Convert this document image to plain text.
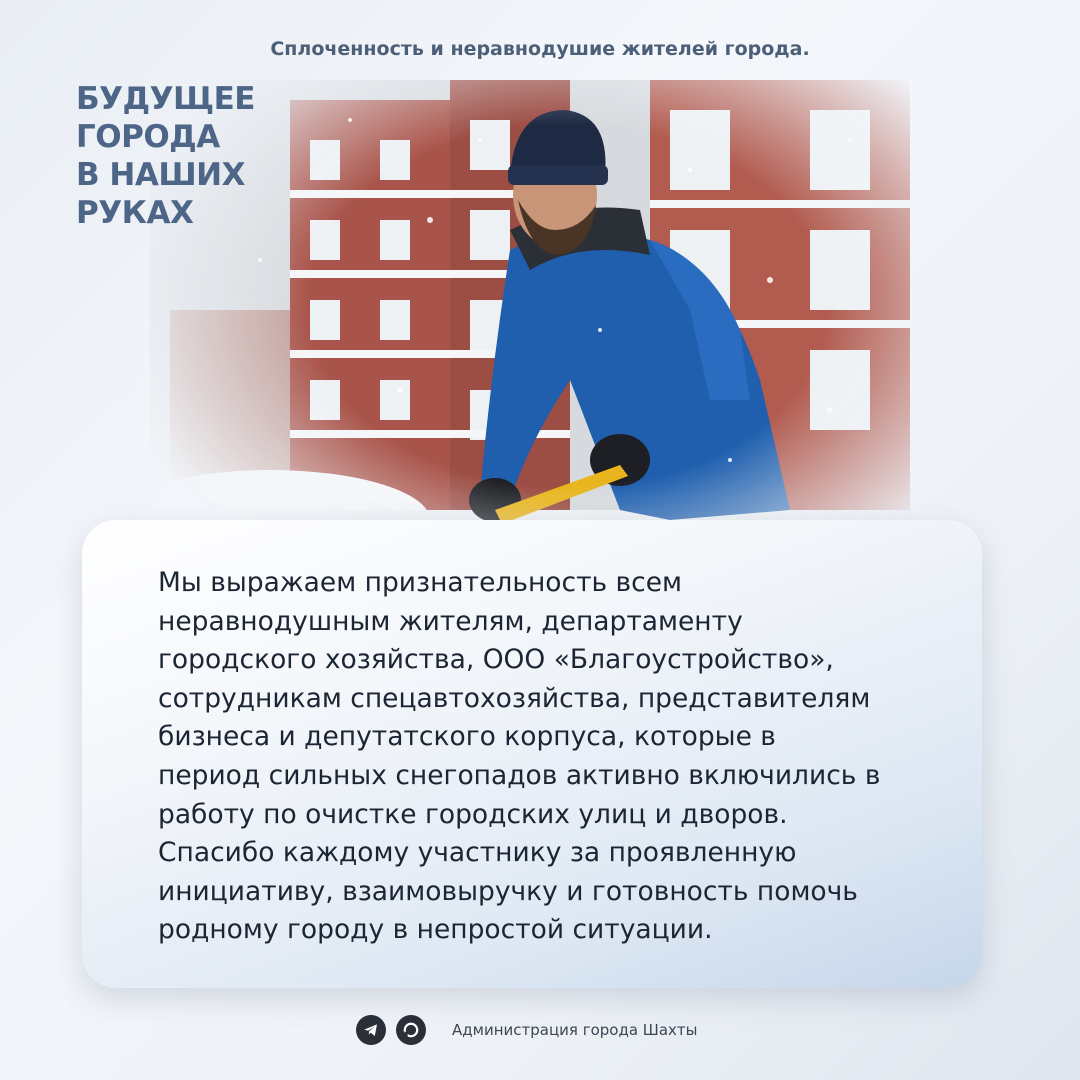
Сплоченность и неравнодушие жителей города.
БУДУЩЕЕ
ГОРОДА
В НАШИХ
РУКАХ
Мы выражаем признательность всем
неравнодушным жителям, департаменту
городского хозяйства, ООО «Благоустройство»,
сотрудникам спецавтохозяйства, представителям
бизнеса и депутатского корпуса, которые в
период сильных снегопадов активно включились в
работу по очистке городских улиц и дворов.
Спасибо каждому участнику за проявленную
инициативу, взаимовыручку и готовность помочь
родному городу в непростой ситуации.
Администрация города Шахты
